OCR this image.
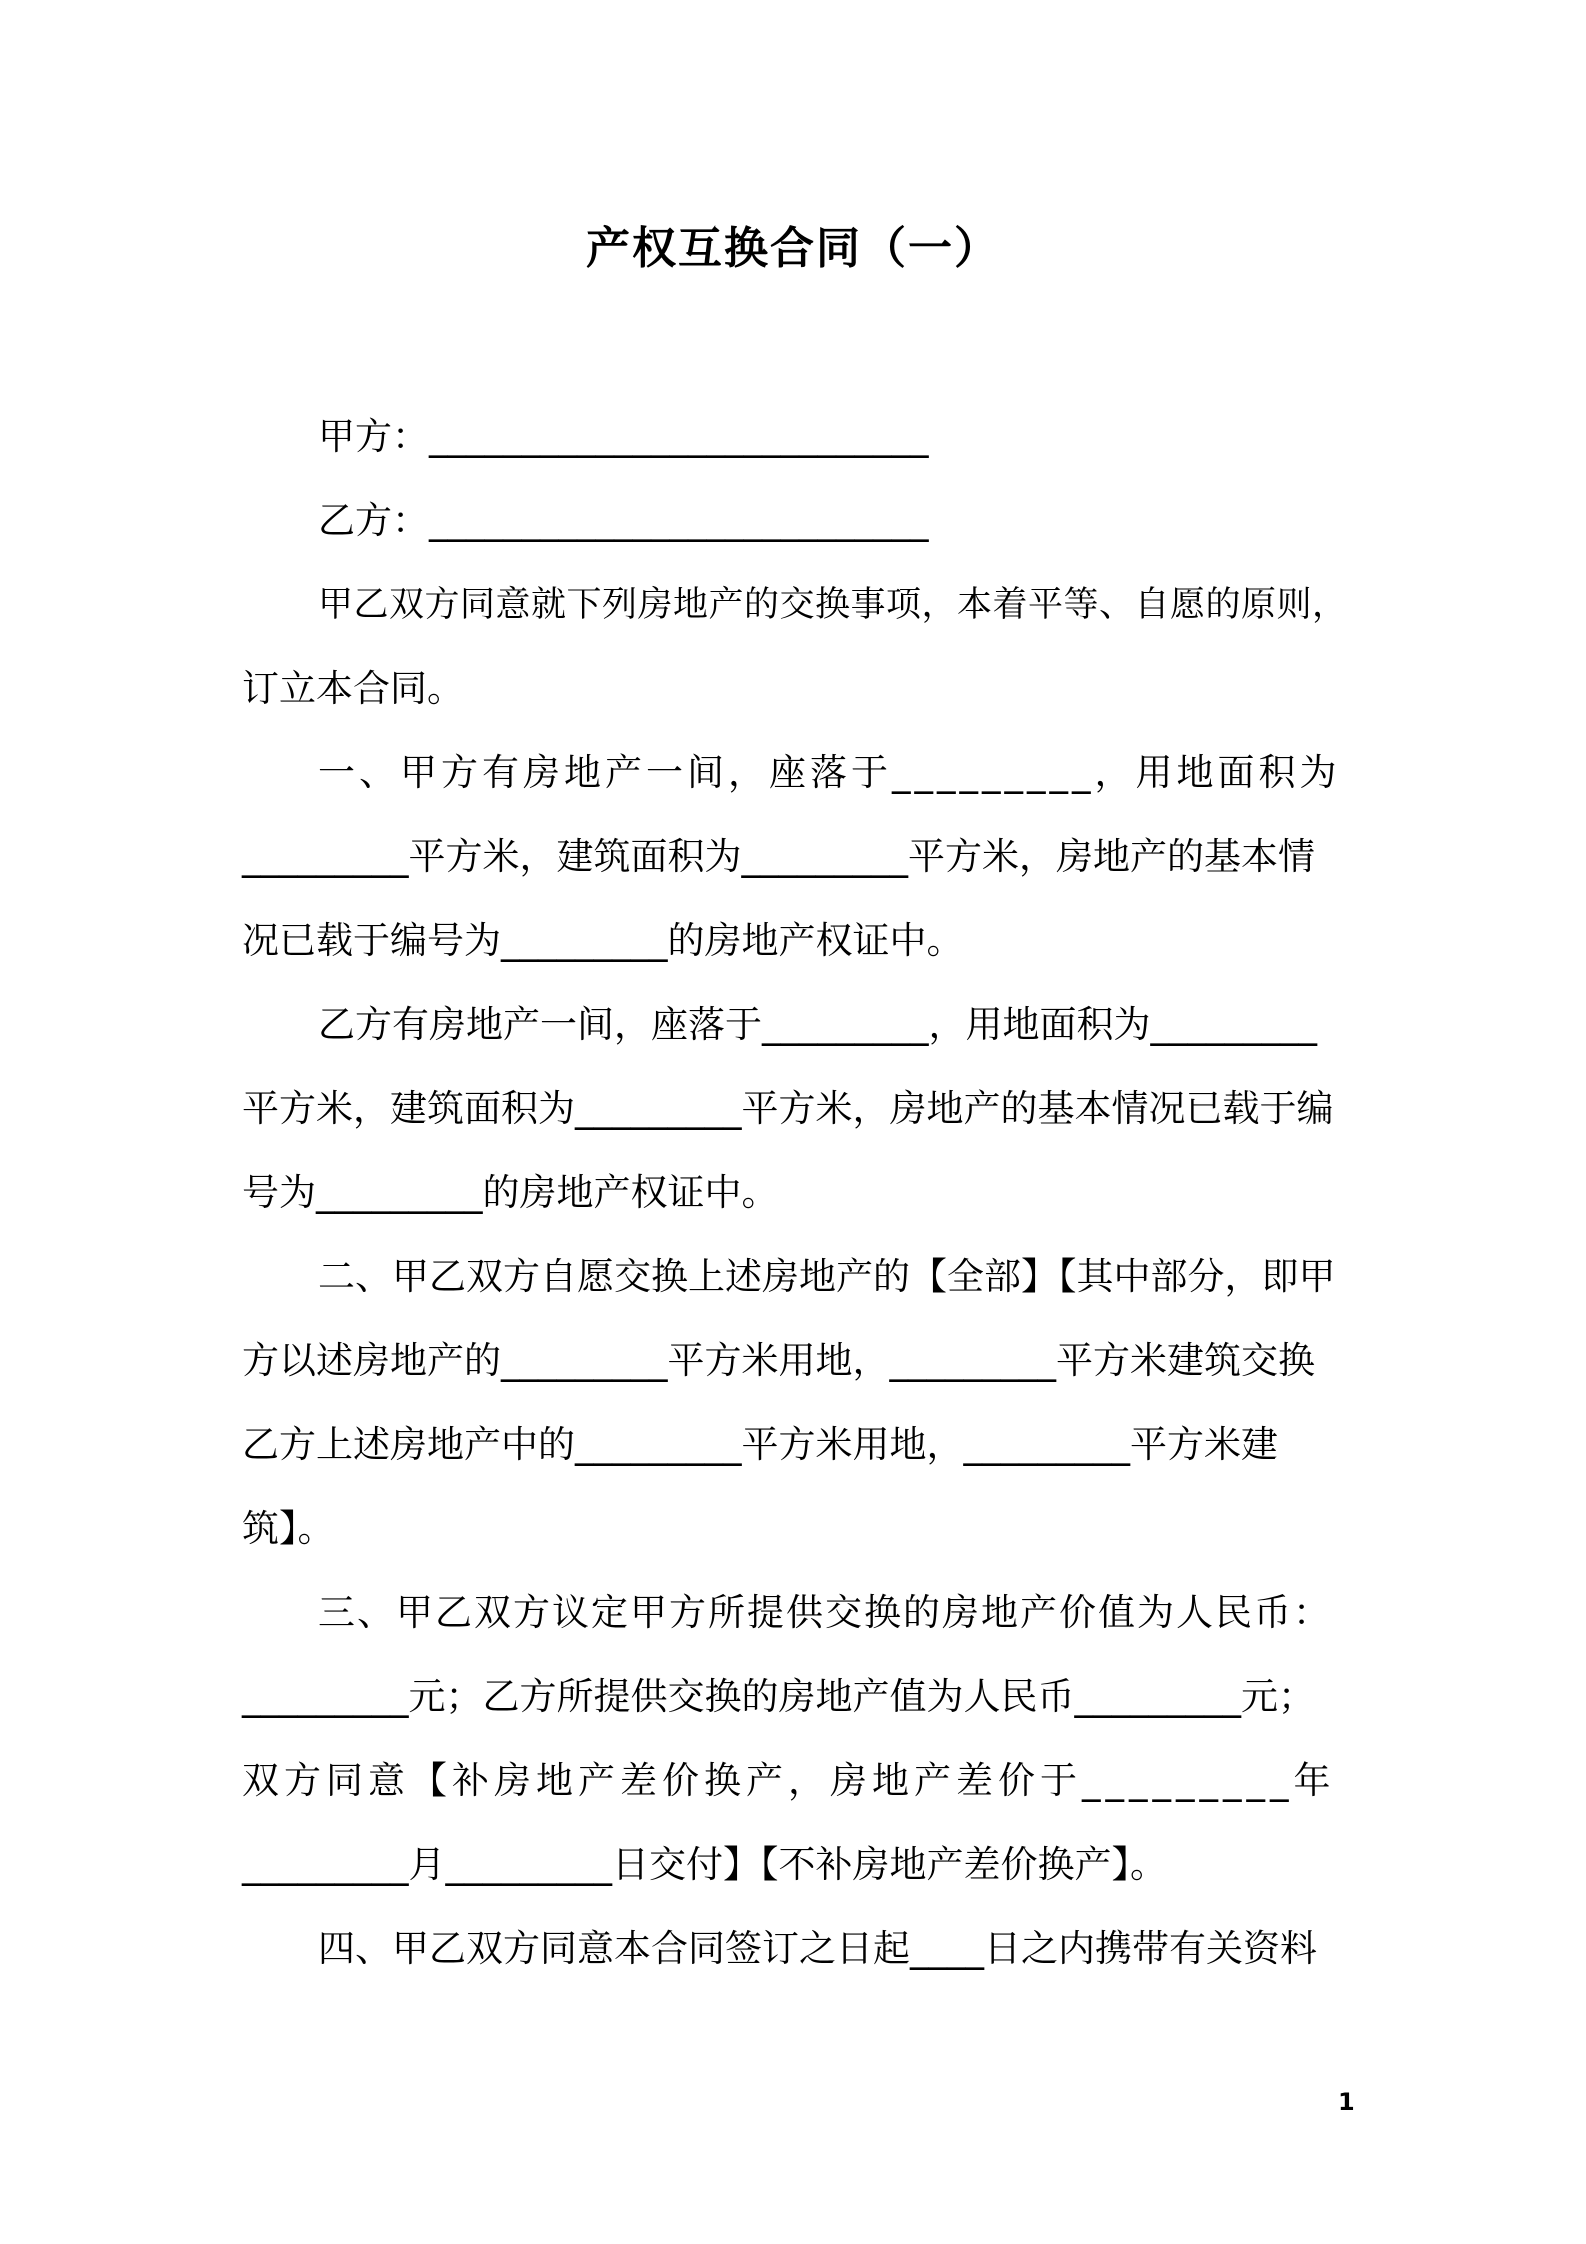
产权互换合同（一）
甲方：___________________________
乙方：___________________________
甲乙双方同意就下列房地产的交换事项，本着平等、自愿的原则，
订立本合同。
一、甲方有房地产一间，座落于_________，用地面积为
_________平方米，建筑面积为_________平方米，房地产的基本情
况已载于编号为_________的房地产权证中。
乙方有房地产一间，座落于_________，用地面积为_________
平方米，建筑面积为_________平方米，房地产的基本情况已载于编
号为_________的房地产权证中。
二、甲乙双方自愿交换上述房地产的【全部】【其中部分，即甲
方以述房地产的_________平方米用地，_________平方米建筑交换
乙方上述房地产中的_________平方米用地，_________平方米建
筑】。
三、甲乙双方议定甲方所提供交换的房地产价值为人民币：
_________元；乙方所提供交换的房地产值为人民币_________元；
双方同意【补房地产差价换产，房地产差价于_________年
_________月_________日交付】【不补房地产差价换产】。
四、甲乙双方同意本合同签订之日起____日之内携带有关资料
1
